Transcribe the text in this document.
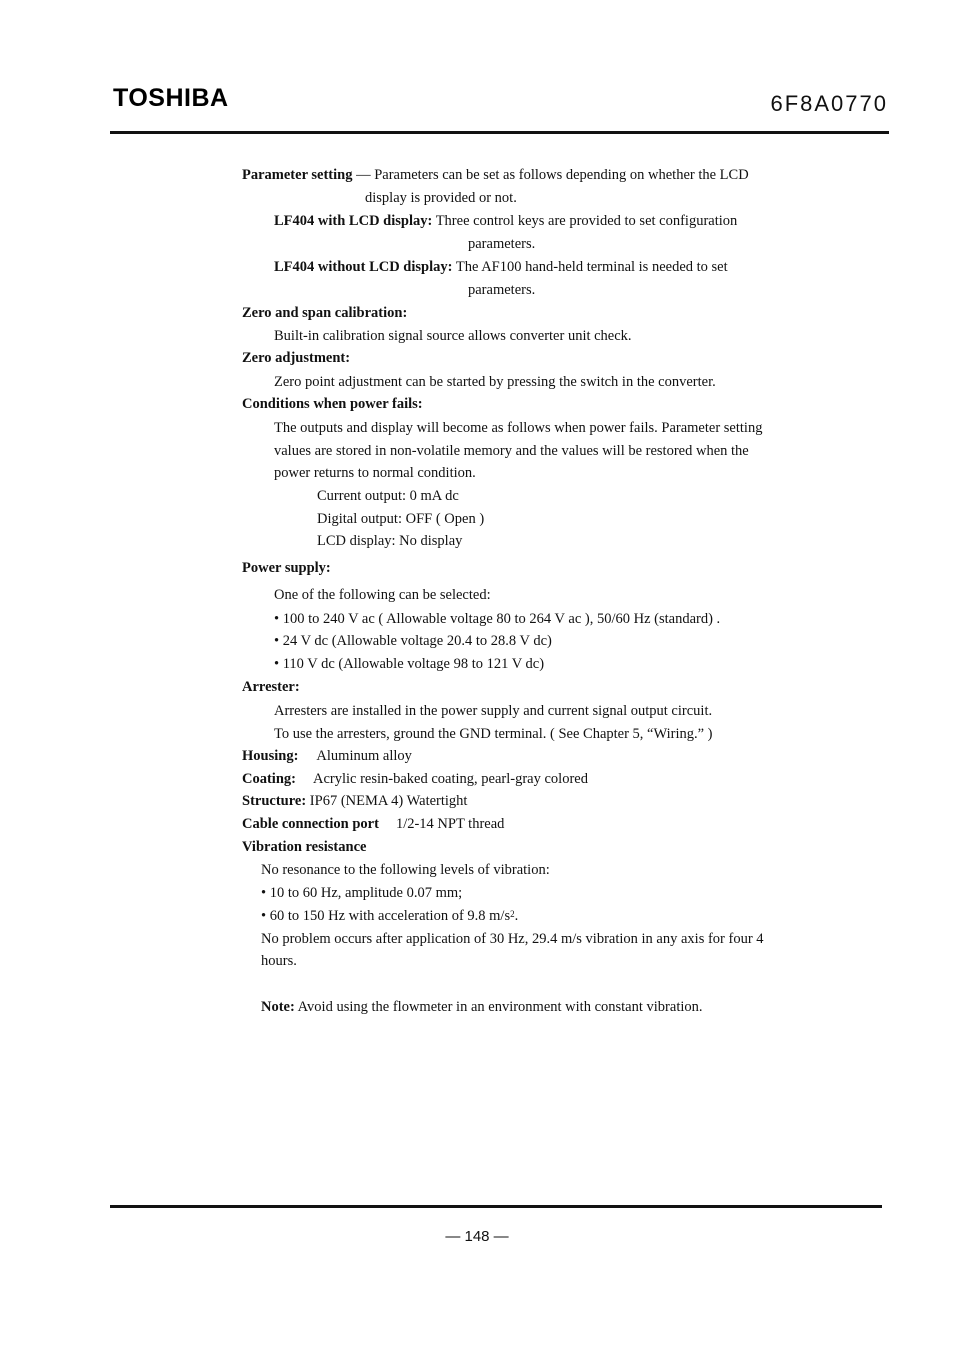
TOSHIBA	6F8A0770
Parameter setting — Parameters can be set as follows depending on whether the LCD
display is provided or not.
LF404 with LCD display: Three control keys are provided to set configuration
parameters.
LF404 without LCD display: The AF100 hand-held terminal is needed to set
parameters.
Zero and span calibration:
Built-in calibration signal source allows converter unit check.
Zero adjustment:
Zero point adjustment can be started by pressing the switch in the converter.
Conditions when power fails:
The outputs and display will become as follows when power fails. Parameter setting
values are stored in non-volatile memory and the values will be restored when the
power returns to normal condition.
Current output: 0 mA dc
Digital output: OFF ( Open )
LCD display: No display
Power supply:
One of the following can be selected:
• 100 to 240 V ac ( Allowable voltage 80 to 264 V ac ), 50/60 Hz (standard) .
• 24 V dc (Allowable voltage 20.4 to 28.8 V dc)
• 110 V dc (Allowable voltage 98 to 121 V dc)
Arrester:
Arresters are installed in the power supply and current signal output circuit.
To use the arresters, ground the GND terminal. ( See Chapter 5, “Wiring.” )
Housing: Aluminum alloy
Coating: Acrylic resin-baked coating, pearl-gray colored
Structure: IP67 (NEMA 4) Watertight
Cable connection port 1/2-14 NPT thread
Vibration resistance
No resonance to the following levels of vibration:
• 10 to 60 Hz, amplitude 0.07 mm;
• 60 to 150 Hz with acceleration of 9.8 $m/s^2$.
No problem occurs after application of 30 Hz, 29.4 m/s vibration in any axis for four 4
hours.
Note: Avoid using the flowmeter in an environment with constant vibration.
— 148 —
